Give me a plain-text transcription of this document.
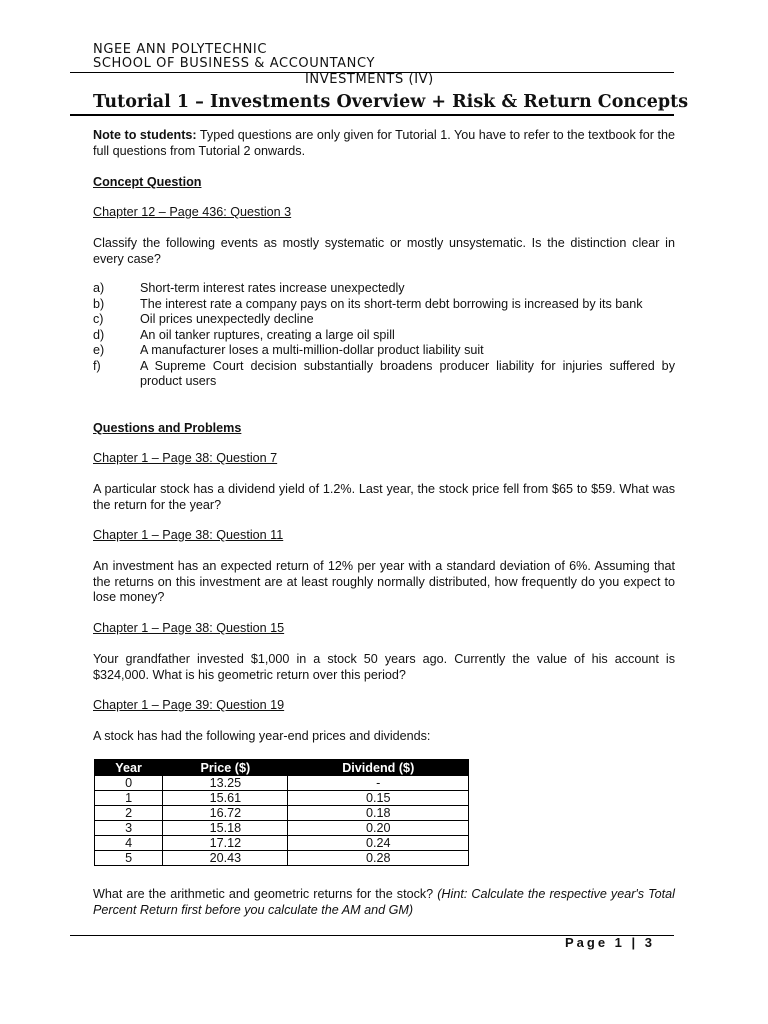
NGEE ANN POLYTECHNIC
SCHOOL OF BUSINESS & ACCOUNTANCY
INVESTMENTS (IV)
Tutorial 1 – Investments Overview + Risk & Return Concepts
Note to students: Typed questions are only given for Tutorial 1. You have to refer to the textbook for the full questions from Tutorial 2 onwards.
Concept Question
Chapter 12 – Page 436: Question 3
Classify the following events as mostly systematic or mostly unsystematic. Is the distinction clear in every case?
a)	Short-term interest rates increase unexpectedly
b)	The interest rate a company pays on its short-term debt borrowing is increased by its bank
c)	Oil prices unexpectedly decline
d)	An oil tanker ruptures, creating a large oil spill
e)	A manufacturer loses a multi-million-dollar product liability suit
f)	A Supreme Court decision substantially broadens producer liability for injuries suffered by product users
Questions and Problems
Chapter 1 – Page 38: Question 7
A particular stock has a dividend yield of 1.2%. Last year, the stock price fell from $65 to $59. What was the return for the year?
Chapter 1 – Page 38: Question 11
An investment has an expected return of 12% per year with a standard deviation of 6%. Assuming that the returns on this investment are at least roughly normally distributed, how frequently do you expect to lose money?
Chapter 1 – Page 38: Question 15
Your grandfather invested $1,000 in a stock 50 years ago. Currently the value of his account is $324,000. What is his geometric return over this period?
Chapter 1 – Page 39: Question 19
A stock has had the following year-end prices and dividends:
Year	Price ($)	Dividend ($)
0	13.25	-
1	15.61	0.15
2	16.72	0.18
3	15.18	0.20
4	17.12	0.24
5	20.43	0.28
What are the arithmetic and geometric returns for the stock? (Hint: Calculate the respective year's Total Percent Return first before you calculate the AM and GM)
Page 1 | 3
